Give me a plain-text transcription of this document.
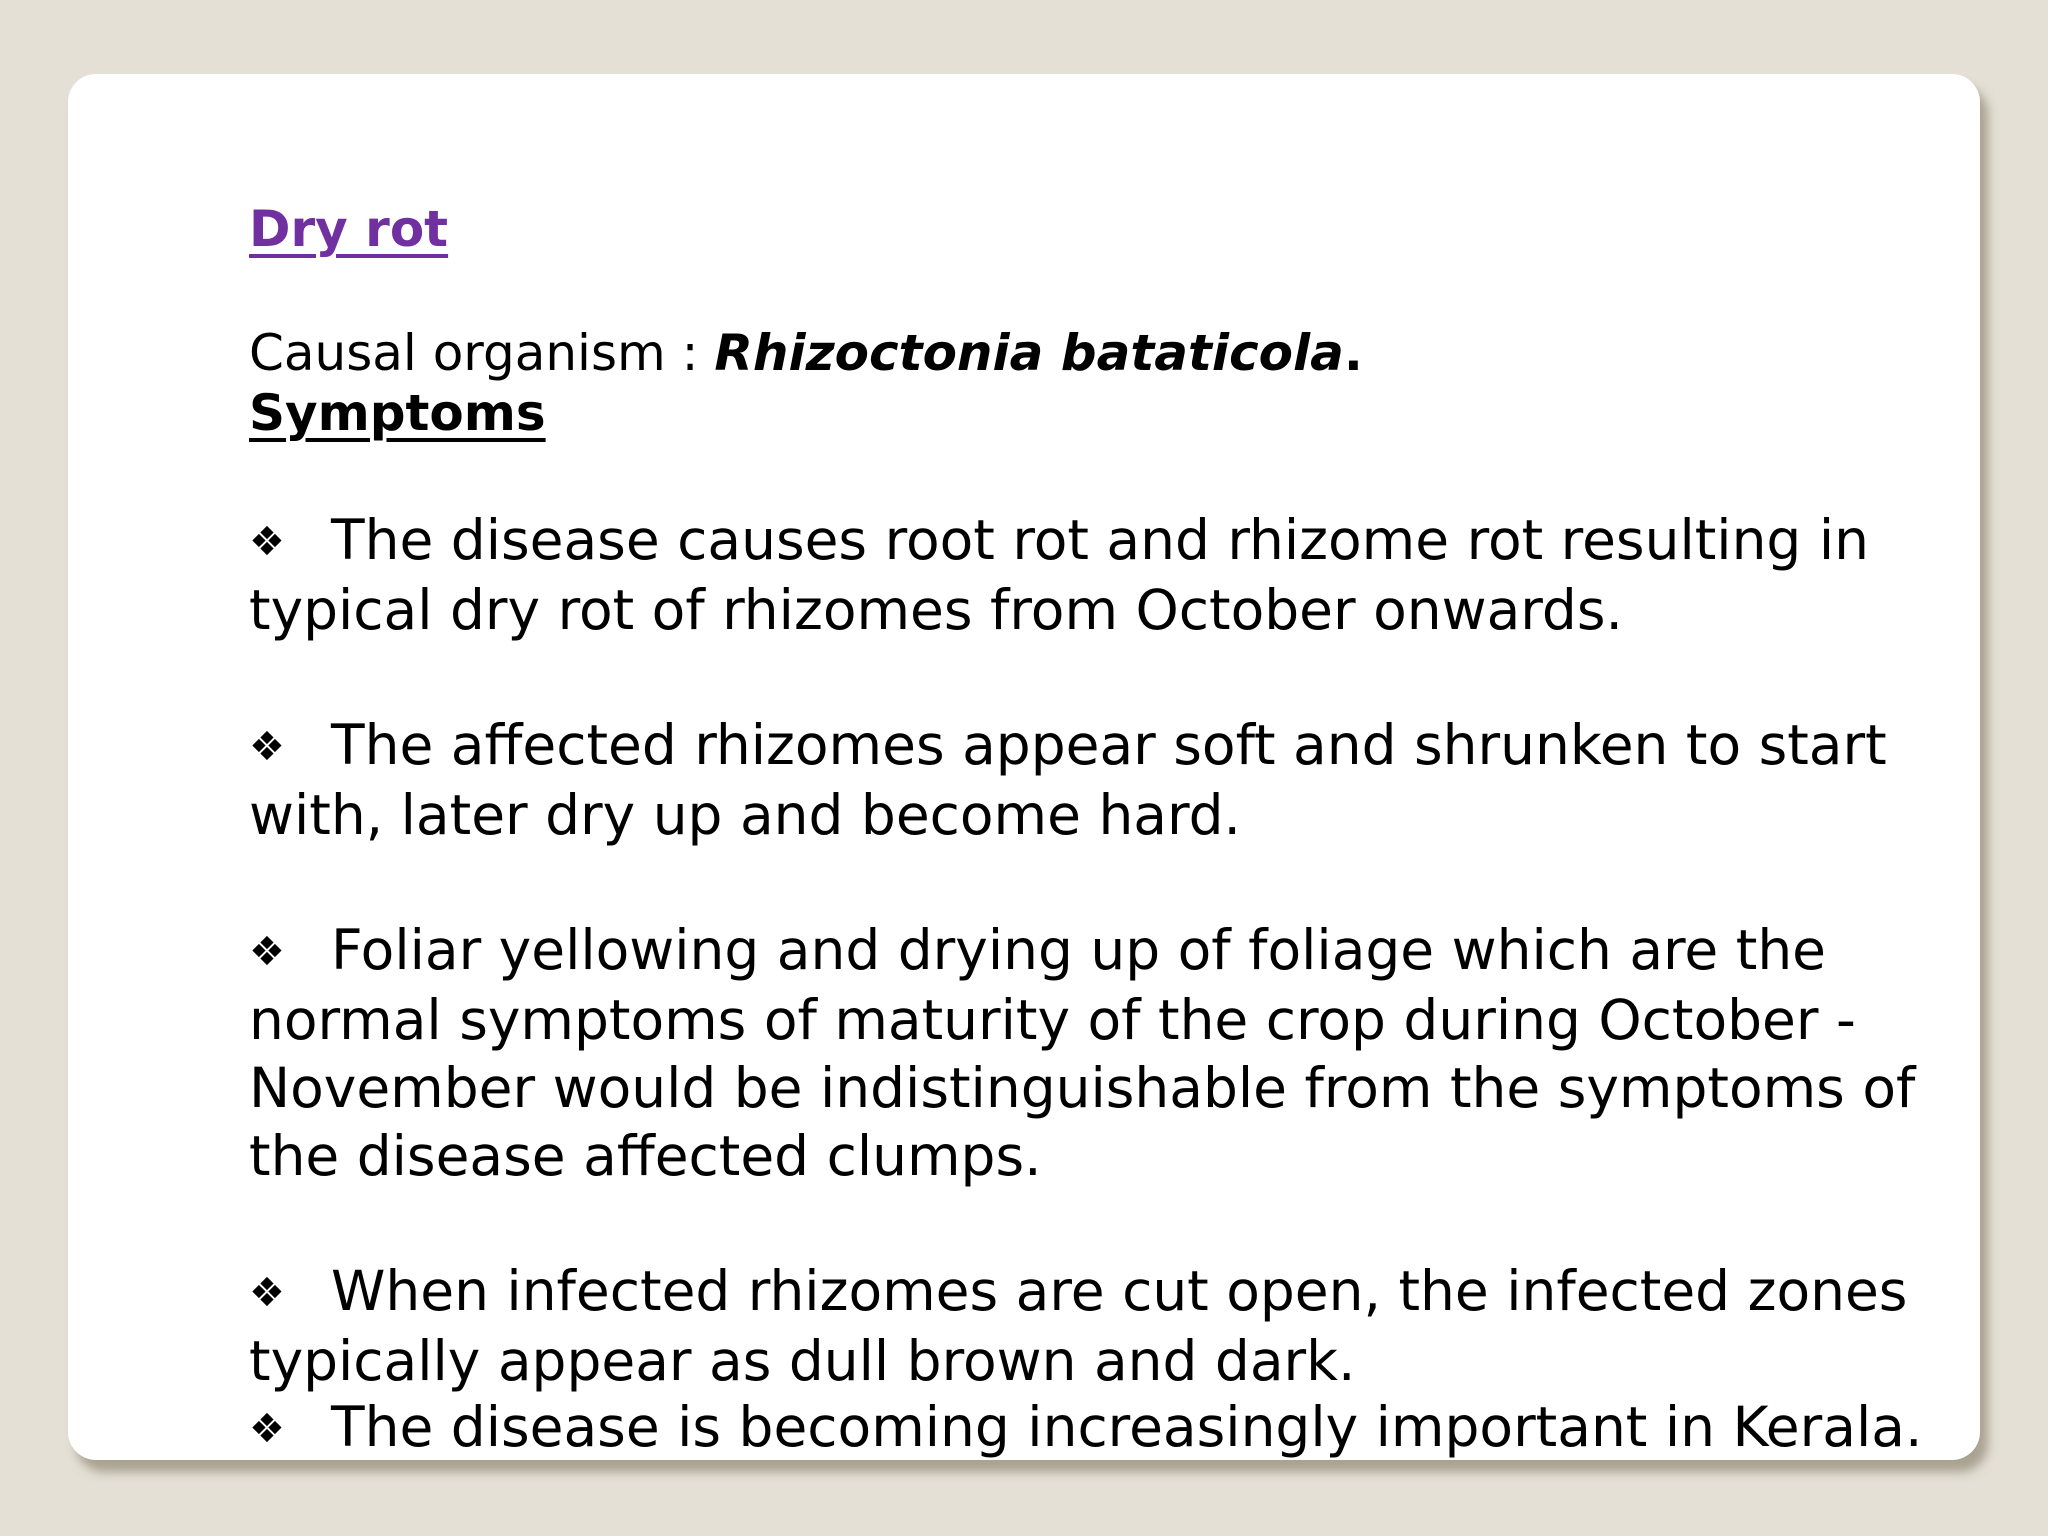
Dry rot
Causal organism : Rhizoctonia bataticola.
Symptoms
❖ The disease causes root rot and rhizome rot resulting in typical dry rot of rhizomes from October onwards.
❖ The affected rhizomes appear soft and shrunken to start with, later dry up and become hard.
❖ Foliar yellowing and drying up of foliage which are the normal symptoms of maturity of the crop during October - November would be indistinguishable from the symptoms of the disease affected clumps.
❖ When infected rhizomes are cut open, the infected zones typically appear as dull brown and dark.
❖ The disease is becoming increasingly important in Kerala.
